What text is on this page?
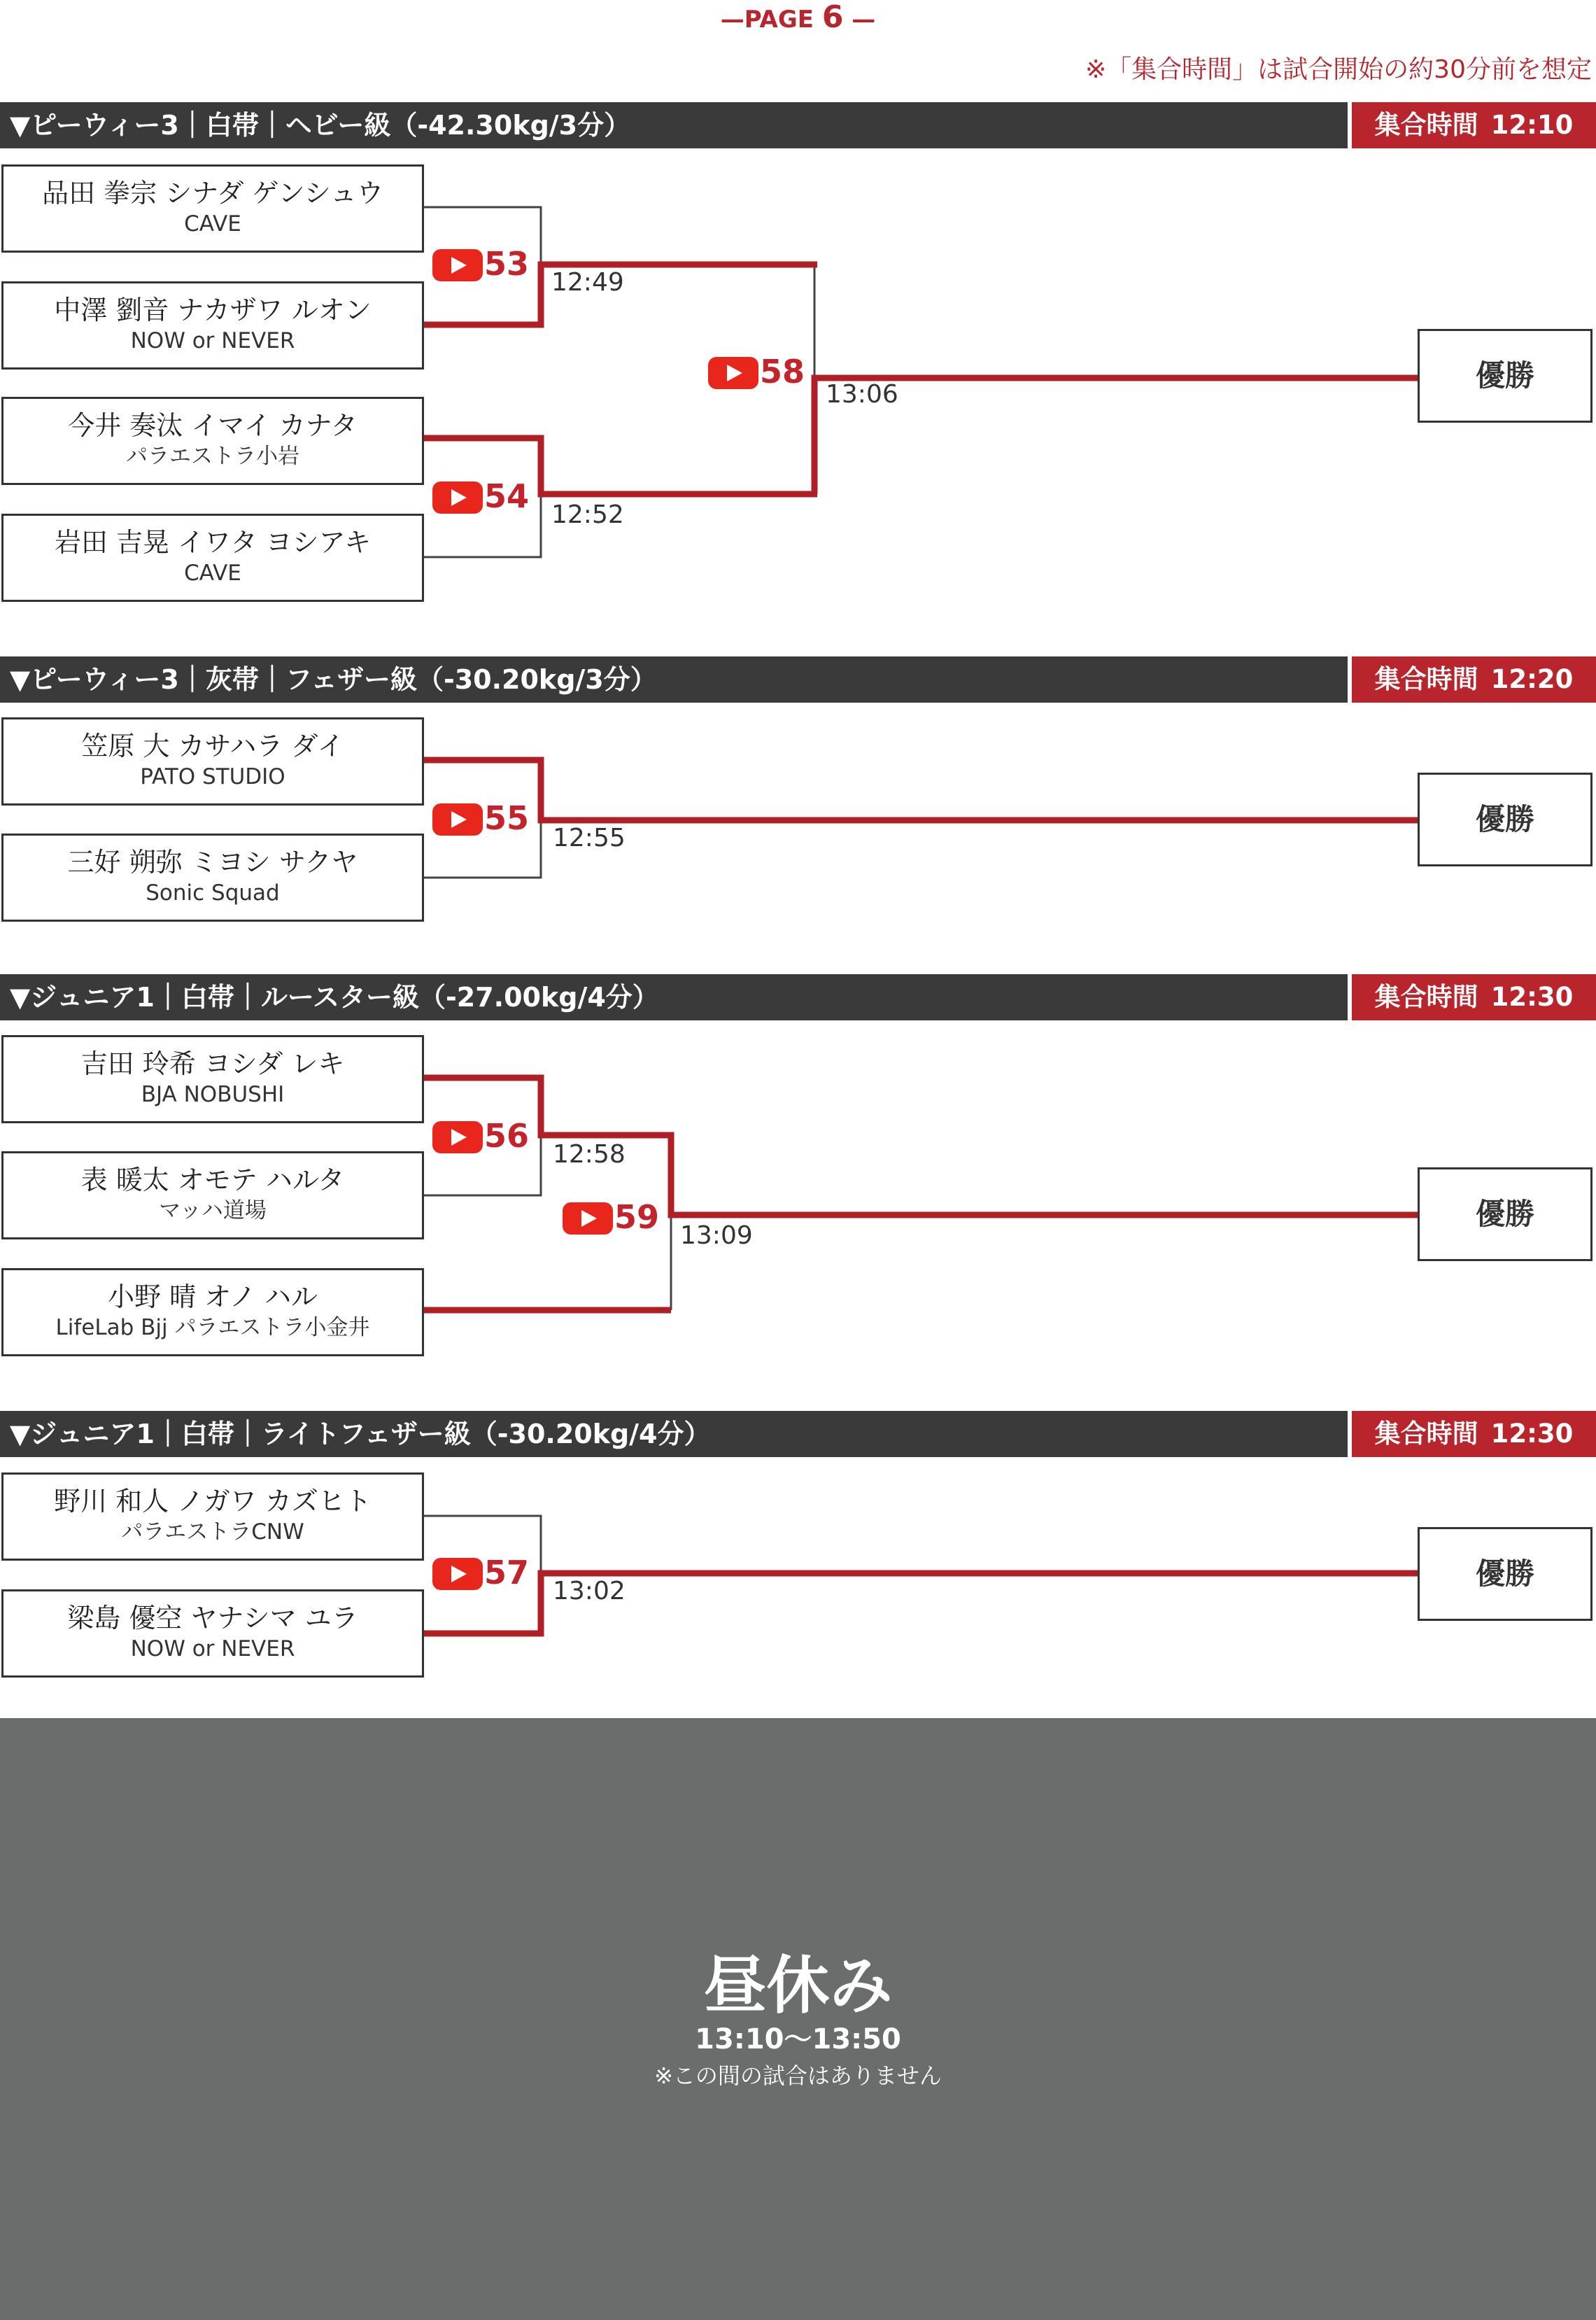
—PAGE 6 —
※「集合時間」は試合開始の約30分前を想定
▼ピーウィー3｜白帯｜ヘビー級（-42.30kg/3分）	集合時間 12:10
品田 拳宗 シナダ ゲンシュウ
CAVE
中澤 劉音 ナカザワ ルオン
NOW or NEVER
今井 奏汰 イマイ カナタ
パラエストラ小岩
岩田 吉晃 イワタ ヨシアキ
CAVE
53 12:49
54 12:52
58
13:06
優勝
▼ピーウィー3｜灰帯｜フェザー級（-30.20kg/3分）	集合時間 12:20
笠原 大 カサハラ ダイ
PATO STUDIO
三好 朔弥 ミヨシ サクヤ
Sonic Squad
55
12:55
優勝
▼ジュニア1｜白帯｜ルースター級（-27.00kg/4分）	集合時間 12:30
吉田 玲希 ヨシダ レキ
BJA NOBUSHI
表 暖太 オモテ ハルタ
マッハ道場
小野 晴 オノ ハル
LifeLab Bjj パラエストラ小金井
56 12:58
59 13:09
優勝
▼ジュニア1｜白帯｜ライトフェザー級（-30.20kg/4分）	集合時間 12:30
野川 和人 ノガワ カズヒト
パラエストラCNW
梁島 優空 ヤナシマ ユラ
NOW or NEVER
57 13:02
優勝
昼休み
13:10〜13:50
※この間の試合はありません
